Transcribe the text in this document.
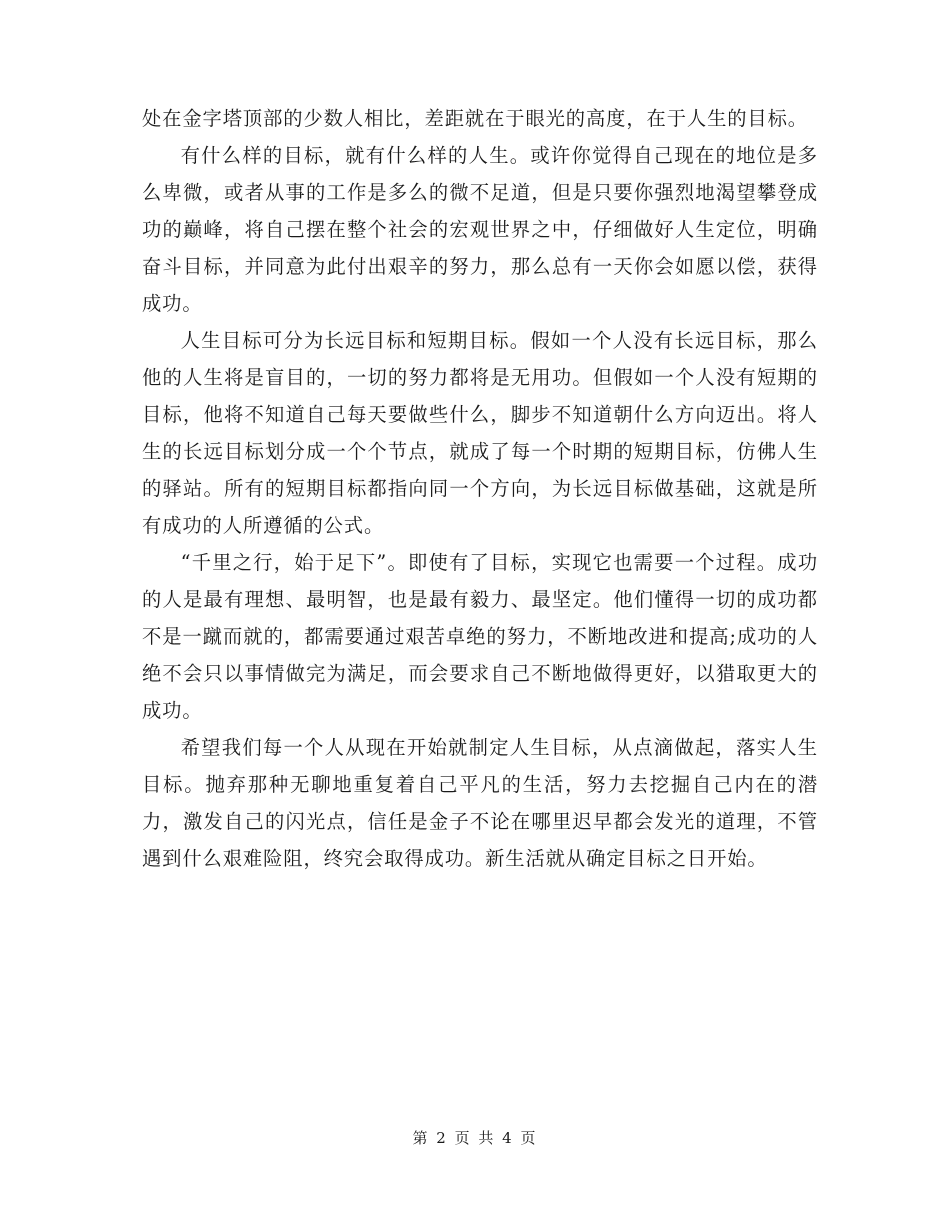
处在金字塔顶部的少数人相比，差距就在于眼光的高度，在于人生的目标。

有什么样的目标，就有什么样的人生。或许你觉得自己现在的地位是多么卑微，或者从事的工作是多么的微不足道，但是只要你强烈地渴望攀登成功的巅峰，将自己摆在整个社会的宏观世界之中，仔细做好人生定位，明确奋斗目标，并同意为此付出艰辛的努力，那么总有一天你会如愿以偿，获得成功。

人生目标可分为长远目标和短期目标。假如一个人没有长远目标，那么他的人生将是盲目的，一切的努力都将是无用功。但假如一个人没有短期的目标，他将不知道自己每天要做些什么，脚步不知道朝什么方向迈出。将人生的长远目标划分成一个个节点，就成了每一个时期的短期目标，仿佛人生的驿站。所有的短期目标都指向同一个方向，为长远目标做基础，这就是所有成功的人所遵循的公式。

“千里之行，始于足下”。即使有了目标，实现它也需要一个过程。成功的人是最有理想、最明智，也是最有毅力、最坚定。他们懂得一切的成功都不是一蹴而就的，都需要通过艰苦卓绝的努力，不断地改进和提高;成功的人绝不会只以事情做完为满足，而会要求自己不断地做得更好，以猎取更大的成功。

希望我们每一个人从现在开始就制定人生目标，从点滴做起，落实人生目标。抛弃那种无聊地重复着自己平凡的生活，努力去挖掘自己内在的潜力，激发自己的闪光点，信任是金子不论在哪里迟早都会发光的道理，不管遇到什么艰难险阻，终究会取得成功。新生活就从确定目标之日开始。

第 2 页 共 4 页
